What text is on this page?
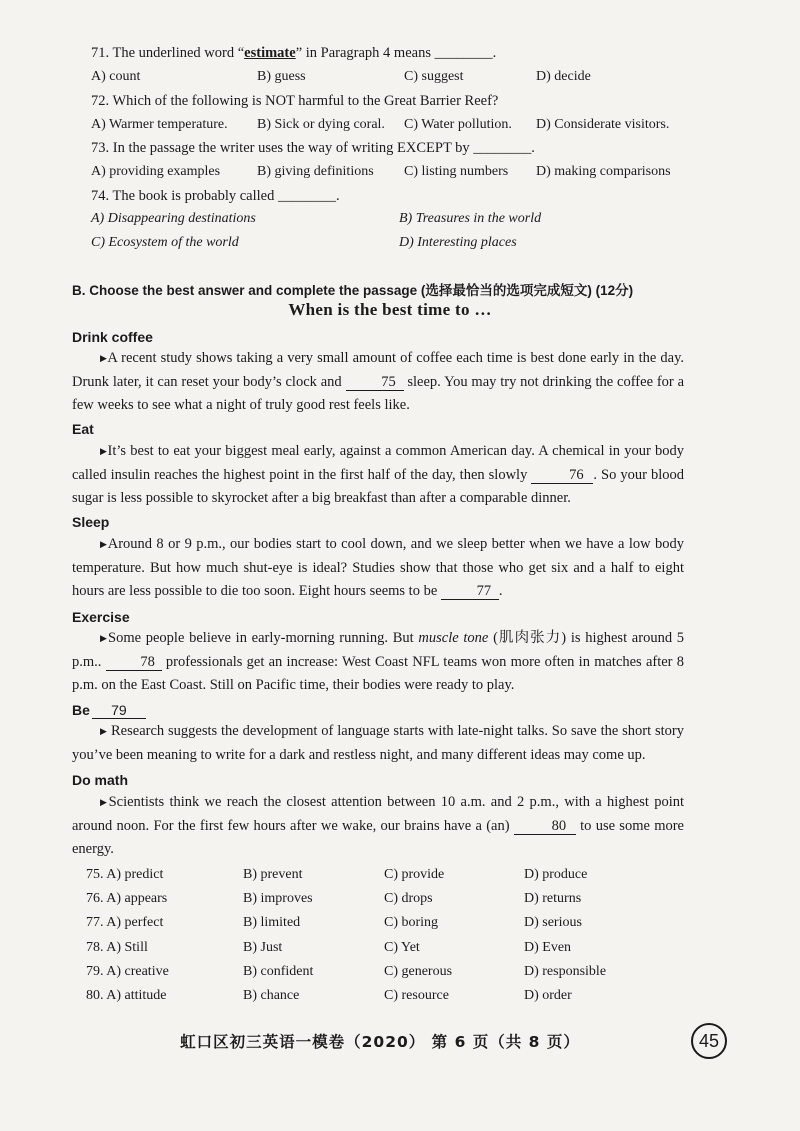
71. The underlined word “estimate” in Paragraph 4 means ________.
A) count	B) guess	C) suggest	D) decide
72. Which of the following is NOT harmful to the Great Barrier Reef?
A) Warmer temperature. B) Sick or dying coral. C) Water pollution. D) Considerate visitors.
73. In the passage the writer uses the way of writing EXCEPT by ________.
A) providing examples	B) giving definitions C) listing numbers D) making comparisons
74. The book is probably called ________.
A) Disappearing destinations	B) Treasures in the world
C) Ecosystem of the world	D) Interesting places
B. Choose the best answer and complete the passage (选择最恰当的选项完成短文) (12分)
When is the best time to …
Drink coffee
▶A recent study shows taking a very small amount of coffee each time is best done early in the day. Drunk later, it can reset your body’s clock and	75 sleep. You may try not drinking the coffee for a few weeks to see what a night of truly good rest feels like.
Eat
▶It’s best to eat your biggest meal early, against a common American day. A chemical in your body called insulin reaches the highest point in the first half of the day, then slowly	76 . So your blood sugar is less possible to skyrocket after a big breakfast than after a comparable dinner.
Sleep
▶Around 8 or 9 p.m., our bodies start to cool down, and we sleep better when we have a low body temperature. But how much shut-eye is ideal? Studies show that those who get six and a half to eight hours are less possible to die too soon. Eight hours seems to be	77 .
Exercise
▶Some people believe in early-morning running. But muscle tone (肌肉张力) is highest around 5 p.m..	78 professionals get an increase: West Coast NFL teams won more often in matches after 8 p.m. on the East Coast. Still on Pacific time, their bodies were ready to play.
Be 79
▶ Research suggests the development of language starts with late-night talks. So save the short story you’ve been meaning to write for a dark and restless night, and many different ideas may come up.
Do math
▶Scientists think we reach the closest attention between 10 a.m. and 2 p.m., with a highest point around noon. For the first few hours after we wake, our brains have a (an)	80 to use some more energy.
75. A) predict	B) prevent	C) provide	D) produce
76. A) appears	B) improves	C) drops	D) returns
77. A) perfect	B) limited	C) boring	D) serious
78. A) Still	B) Just	C) Yet	D) Even
79. A) creative	B) confident	C) generous	D) responsible
80. A) attitude	B) chance	C) resource	D) order
虹口区初三英语一模卷（2020） 第 6 页（共 8 页）	45
